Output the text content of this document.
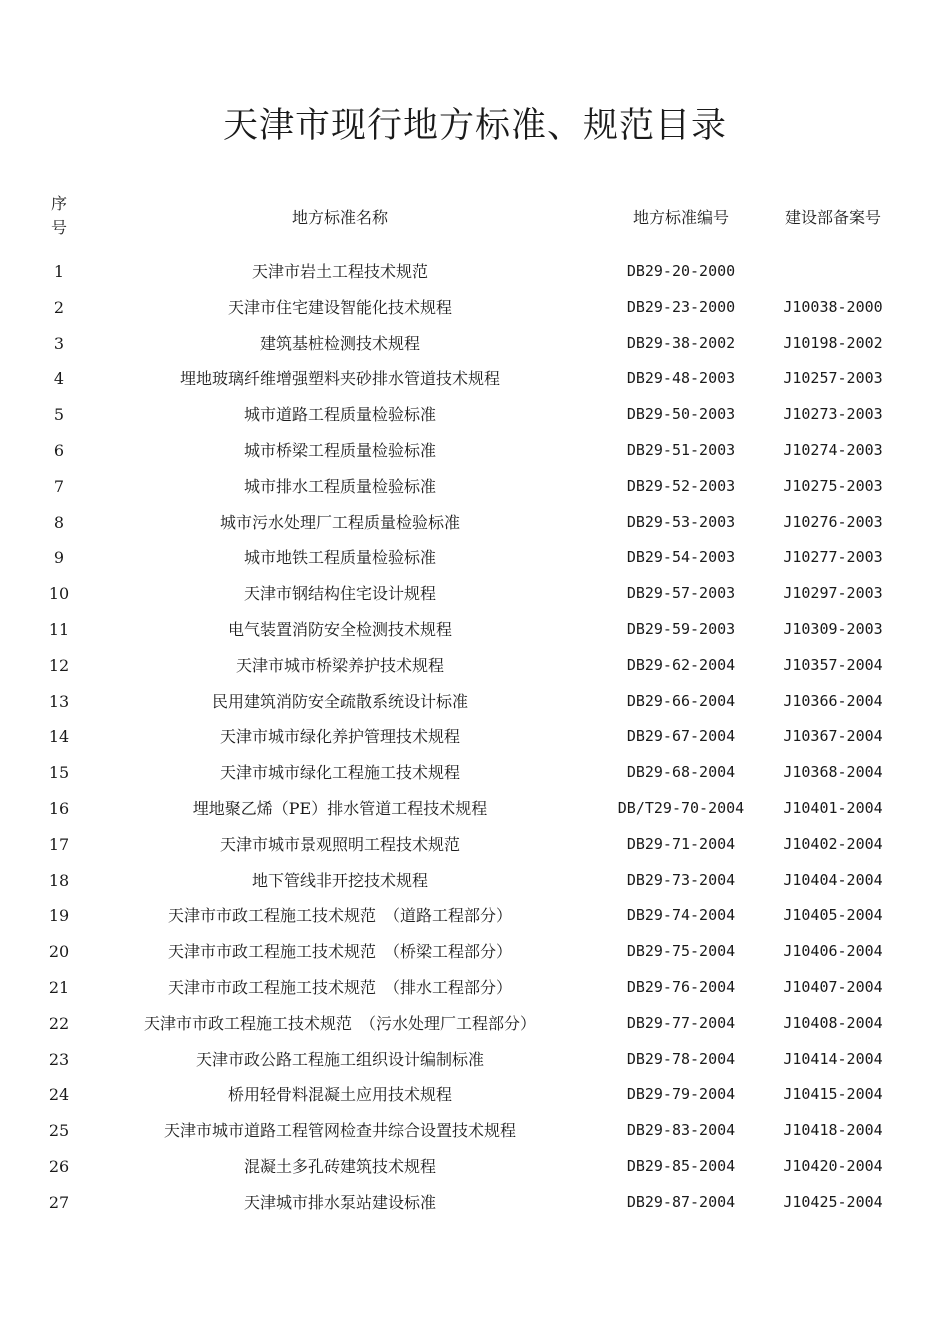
天津市现行地方标准、规范目录
序
号
地方标准名称	地方标准编号	建设部备案号
1	天津市岩土工程技术规范	DB29-20-2000
2	天津市住宅建设智能化技术规程	DB29-23-2000	J10038-2000
3	建筑基桩检测技术规程	DB29-38-2002	J10198-2002
4	埋地玻璃纤维增强塑料夹砂排水管道技术规程	DB29-48-2003	J10257-2003
5	城市道路工程质量检验标准	DB29-50-2003	J10273-2003
6	城市桥梁工程质量检验标准	DB29-51-2003	J10274-2003
7	城市排水工程质量检验标准	DB29-52-2003	J10275-2003
8	城市污水处理厂工程质量检验标准	DB29-53-2003	J10276-2003
9	城市地铁工程质量检验标准	DB29-54-2003	J10277-2003
10	天津市钢结构住宅设计规程	DB29-57-2003	J10297-2003
11	电气装置消防安全检测技术规程	DB29-59-2003	J10309-2003
12	天津市城市桥梁养护技术规程	DB29-62-2004	J10357-2004
13	民用建筑消防安全疏散系统设计标准	DB29-66-2004	J10366-2004
14	天津市城市绿化养护管理技术规程	DB29-67-2004	J10367-2004
15	天津市城市绿化工程施工技术规程	DB29-68-2004	J10368-2004
16	埋地聚乙烯（PE）排水管道工程技术规程	DB/T29-70-2004	J10401-2004
17	天津市城市景观照明工程技术规范	DB29-71-2004	J10402-2004
18	地下管线非开挖技术规程	DB29-73-2004	J10404-2004
19	天津市市政工程施工技术规范　（道路工程部分）	DB29-74-2004	J10405-2004
20	天津市市政工程施工技术规范　（桥梁工程部分）	DB29-75-2004	J10406-2004
21	天津市市政工程施工技术规范　（排水工程部分）	DB29-76-2004	J10407-2004
22	天津市市政工程施工技术规范　（污水处理厂工程部分）	DB29-77-2004	J10408-2004
23	天津市政公路工程施工组织设计编制标准	DB29-78-2004	J10414-2004
24	桥用轻骨料混凝土应用技术规程	DB29-79-2004	J10415-2004
25	天津市城市道路工程管网检查井综合设置技术规程	DB29-83-2004	J10418-2004
26	混凝土多孔砖建筑技术规程	DB29-85-2004	J10420-2004
27	天津城市排水泵站建设标准	DB29-87-2004	J10425-2004
